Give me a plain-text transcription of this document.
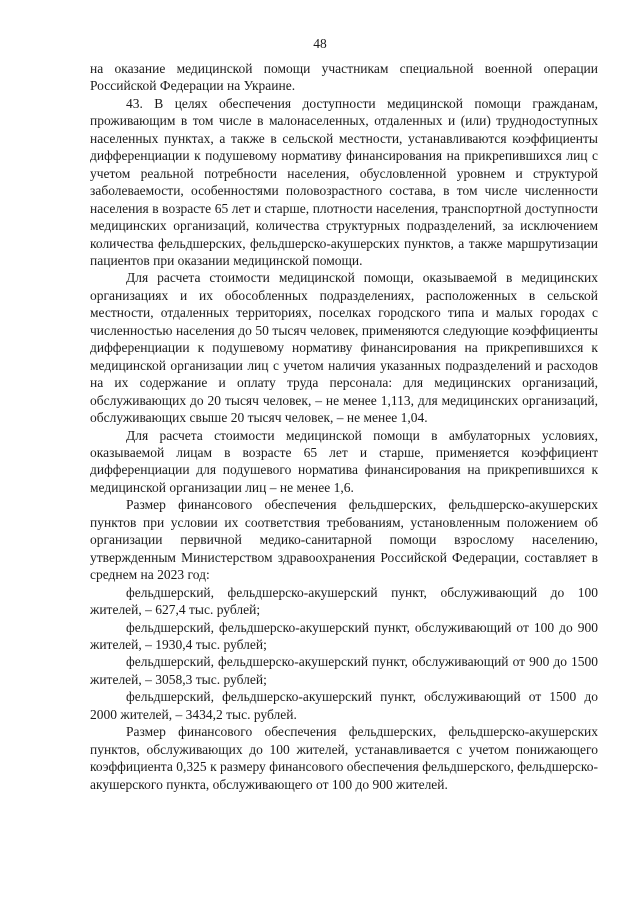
48

на оказание медицинской помощи участникам специальной военной операции Российской Федерации на Украине.

43. В целях обеспечения доступности медицинской помощи гражданам, проживающим в том числе в малонаселенных, отдаленных и (или) труднодоступных населенных пунктах, а также в сельской местности, устанавливаются коэффициенты дифференциации к подушевому нормативу финансирования на прикрепившихся лиц с учетом реальной потребности населения, обусловленной уровнем и структурой заболеваемости, особенностями половозрастного состава, в том числе численности населения в возрасте 65 лет и старше, плотности населения, транспортной доступности медицинских организаций, количества структурных подразделений, за исключением количества фельдшерских, фельдшерско-акушерских пунктов, а также маршрутизации пациентов при оказании медицинской помощи.

Для расчета стоимости медицинской помощи, оказываемой в медицинских организациях и их обособленных подразделениях, расположенных в сельской местности, отдаленных территориях, поселках городского типа и малых городах с численностью населения до 50 тысяч человек, применяются следующие коэффициенты дифференциации к подушевому нормативу финансирования на прикрепившихся к медицинской организации лиц с учетом наличия указанных подразделений и расходов на их содержание и оплату труда персонала: для медицинских организаций, обслуживающих до 20 тысяч человек, – не менее 1,113, для медицинских организаций, обслуживающих свыше 20 тысяч человек, – не менее 1,04.

Для расчета стоимости медицинской помощи в амбулаторных условиях, оказываемой лицам в возрасте 65 лет и старше, применяется коэффициент дифференциации для подушевого норматива финансирования на прикрепившихся к медицинской организации лиц – не менее 1,6.

Размер финансового обеспечения фельдшерских, фельдшерско-акушерских пунктов при условии их соответствия требованиям, установленным положением об организации первичной медико-санитарной помощи взрослому населению, утвержденным Министерством здравоохранения Российской Федерации, составляет в среднем на 2023 год:

фельдшерский, фельдшерско-акушерский пункт, обслуживающий до 100 жителей, – 627,4 тыс. рублей;

фельдшерский, фельдшерско-акушерский пункт, обслуживающий от 100 до 900 жителей, – 1930,4 тыс. рублей;

фельдшерский, фельдшерско-акушерский пункт, обслуживающий от 900 до 1500 жителей, – 3058,3 тыс. рублей;

фельдшерский, фельдшерско-акушерский пункт, обслуживающий от 1500 до 2000 жителей, – 3434,2 тыс. рублей.

Размер финансового обеспечения фельдшерских, фельдшерско-акушерских пунктов, обслуживающих до 100 жителей, устанавливается с учетом понижающего коэффициента 0,325 к размеру финансового обеспечения фельдшерского, фельдшерско-акушерского пункта, обслуживающего от 100 до 900 жителей.
